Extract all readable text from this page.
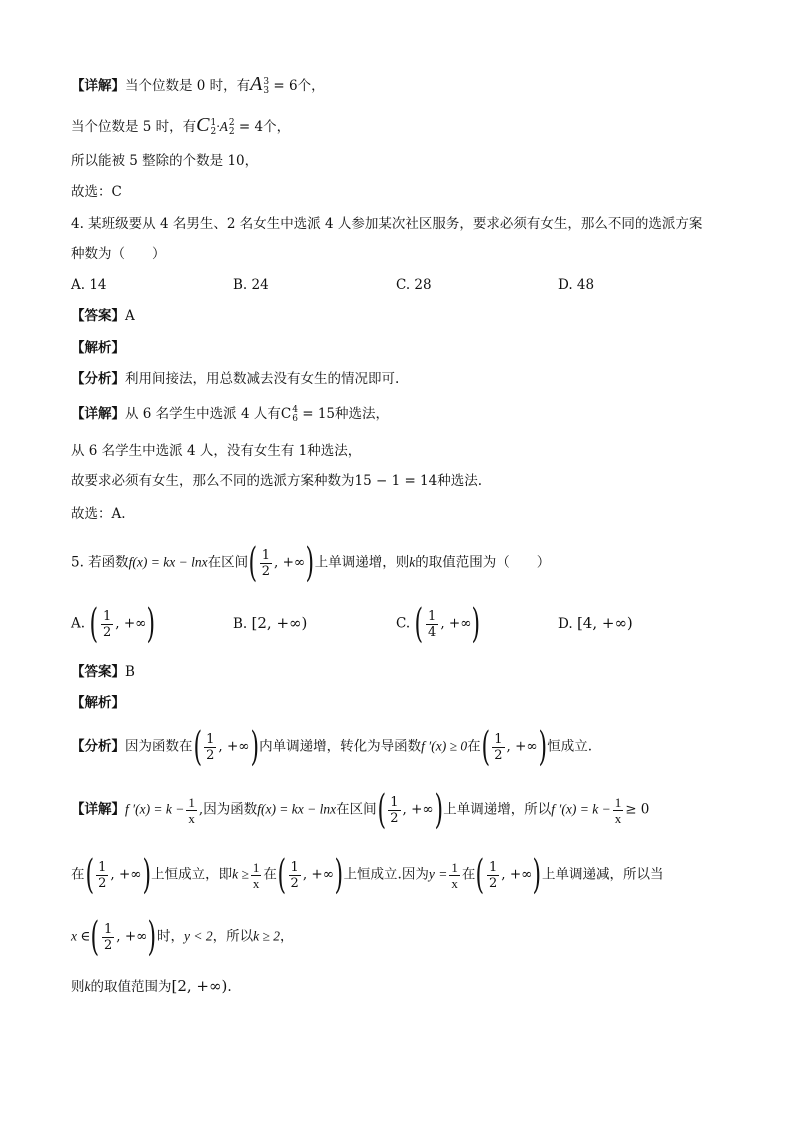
【详解】当个位数是 0 时，有A 3
3 = 6个，
当个位数是 5 时，有C 1
2 ·A 2
2 = 4个，
所以能被 5 整除的个数是 10，
故选：C
4. 某班级要从 4 名男生、2 名女生中选派 4 人参加某次社区服务，要求必须有女生，那么不同的选派方案
种数为（　　）
A. 14	B. 24	C. 28	D. 48
【答案】A
【解析】
【分析】利用间接法，用总数减去没有女生的情况即可.
【详解】从 6 名学生中选派 4 人有C 4
6 = 15种选法，
从 6 名学生中选派 4 人，没有女生有 1种选法，
故要求必须有女生，那么不同的选派方案种数为15 − 1 = 14种选法.
故选：A.
5. 若函数f(x) = kx − lnx在区间( $\frac{1}{2}$ , +∞)上单调递增，则k的取值范围为（　　）
A. ( $\frac{1}{2}$ , +∞)	B. [2, +∞)	C. ( $\frac{1}{4}$ , +∞)	D. [4, +∞)
【答案】B
【解析】
【分析】因为函数在( $\frac{1}{2}$ , +∞)内单调递增，转化为导函数f ′(x) ≥ 0在( $\frac{1}{2}$ , +∞)恒成立.
【详解】f $'(x) = k - \frac{1}{x}$ ,因为函数f(x) = kx − lnx在区间( $\frac{1}{2}$ , +∞)上单调递增，所以f $'(x) = k - \frac{1}{x} \ge 0$
在( $\frac{1}{2}$ , +∞)上恒成立，即$k \ge \frac{1}{x}$ 在( $\frac{1}{2}$ , +∞)上恒成立.因为$y = \frac{1}{x}$ 在( $\frac{1}{2}$ , +∞)上单调递减，所以当
x ∈( $\frac{1}{2}$ , +∞)时，y < 2，所以k ≥ 2，
则k的取值范围为[2, +∞).
